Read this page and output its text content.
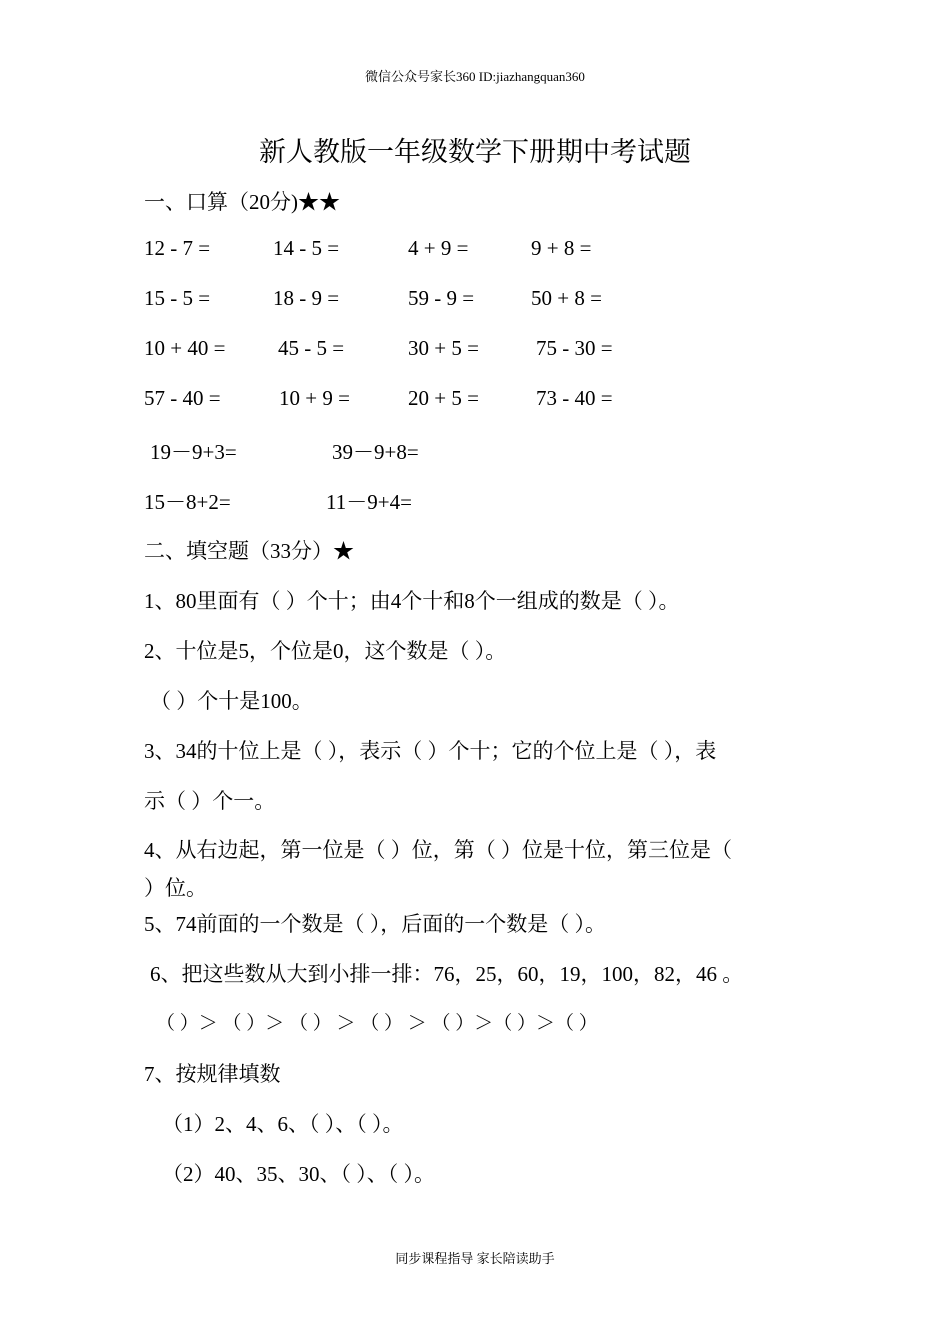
微信公众号家长360 ID:jiazhangquan360
新人教版一年级数学下册期中考试题
一、口算（20分)★★
12 - 7 =	14 - 5 =	4 + 9 =	9 + 8 =
15 - 5 =	18 - 9 =	59 - 9 =	50 + 8 =
10 + 40 =	45 - 5 =	30 + 5 =	75 - 30 =
57 - 40 =	10 + 9 =	20 + 5 =	73 - 40 =
19－9+3=	39－9+8=
15－8+2=	11－9+4=
二、填空题（33分）★
1、80里面有（ ）个十；由4个十和8个一组成的数是（ ）。
2、十位是5，个位是0，这个数是（ ）。
（ ）个十是100。
3、34的十位上是（ ），表示（ ）个十；它的个位上是（ ），表
示（ ）个一。
4、从右边起，第一位是（ ）位，第（ ）位是十位，第三位是（
）位。
5、74前面的一个数是（ ），后面的一个数是（ ）。
6、把这些数从大到小排一排：76，25，60，19，100，82，46 。
（ ）＞ （ ）＞ （ ） ＞ （ ） ＞ （ ）＞（ ）＞（ ）
7、按规律填数
（1）2、4、6、（ ）、（ ）。
（2）40、35、30、（ ）、（ ）。
同步课程指导 家长陪读助手
